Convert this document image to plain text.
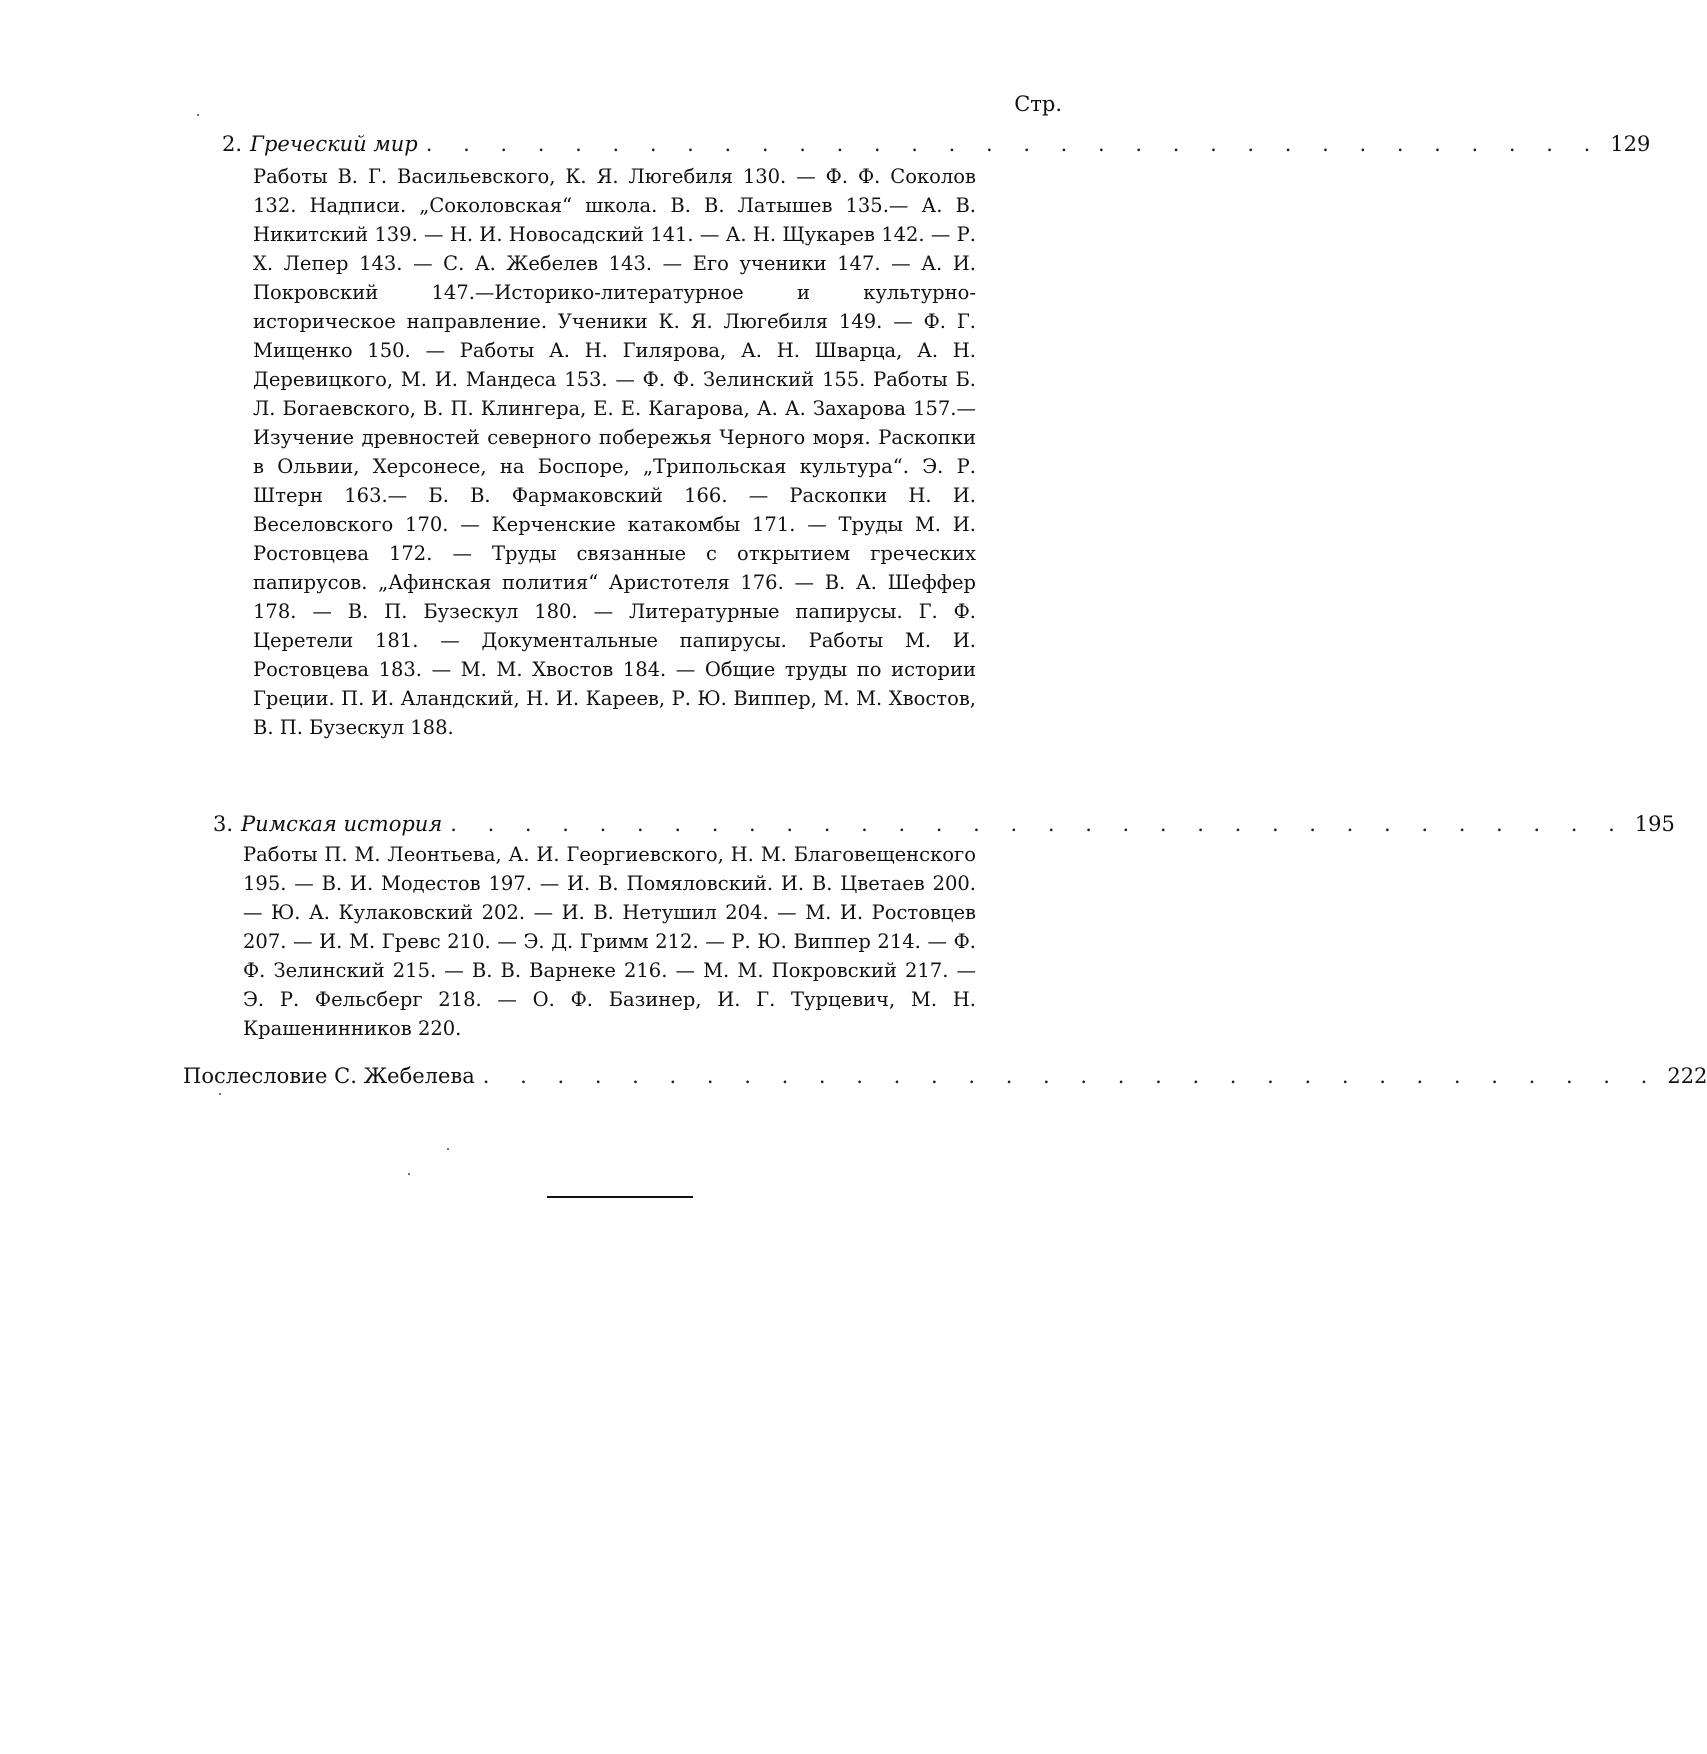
Стр.
2. Греческий мир . . . . . . . . . . . . . . . . . . . . . . . . . . . . . . . . 129
Работы В. Г. Васильевского, К. Я. Люгебиля 130. — Ф. Ф. Соколов 132. Надписи. „Соколовская“ школа. В. В. Латышев 135.— А. В. Никитский 139. — Н. И. Новосадский 141. — А. Н. Щукарев 142. — Р. Х. Лепер 143. — С. А. Жебелев 143. — Его ученики 147. — А. И. Покровский 147.—Историко-литературное и культурно-историческое направление. Ученики К. Я. Люгебиля 149. — Ф. Г. Мищенко 150. — Работы А. Н. Гилярова, А. Н. Шварца, А. Н. Деревицкого, М. И. Мандеса 153. — Ф. Ф. Зелинский 155. Работы Б. Л. Богаевского, В. П. Клингера, Е. Е. Кагарова, А. А. Захарова 157.—Изучение древностей северного побережья Черного моря. Раскопки в Ольвии, Херсонесе, на Боспоре, „Трипольская культура“. Э. Р. Штерн 163.— Б. В. Фармаковский 166. — Раскопки Н. И. Веселовского 170. — Керченские катакомбы 171. — Труды М. И. Ростовцева 172. — Труды связанные с открытием греческих папирусов. „Афинская полития“ Аристотеля 176. — В. А. Шеффер 178. — В. П. Бузескул 180. — Литературные папирусы. Г. Ф. Церетели 181. — Документальные папирусы. Работы М. И. Ростовцева 183. — М. М. Хвостов 184. — Общие труды по истории Греции. П. И. Аландский, Н. И. Кареев, Р. Ю. Виппер, М. М. Хвостов, В. П. Бузескул 188.
3. Римская история . . . . . . . . . . . . . . . . . . . . . . . . . . . . . . . . 195
Работы П. М. Леонтьева, А. И. Георгиевского, Н. М. Благовещенского 195. — В. И. Модестов 197. — И. В. Помяловский. И. В. Цветаев 200. — Ю. А. Кулаковский 202. — И. В. Нетушил 204. — М. И. Ростовцев 207. — И. М. Гревс 210. — Э. Д. Гримм 212. — Р. Ю. Виппер 214. — Ф. Ф. Зелинский 215. — В. В. Варнеке 216. — М. М. Покровский 217. — Э. Р. Фельсберг 218. — О. Ф. Базинер, И. Г. Турцевич, М. Н. Крашенинников 220.
Послесловие С. Жебелева . . . . . . . . . . . . . . . . . . . . . . . . . . . . . . . . 222
